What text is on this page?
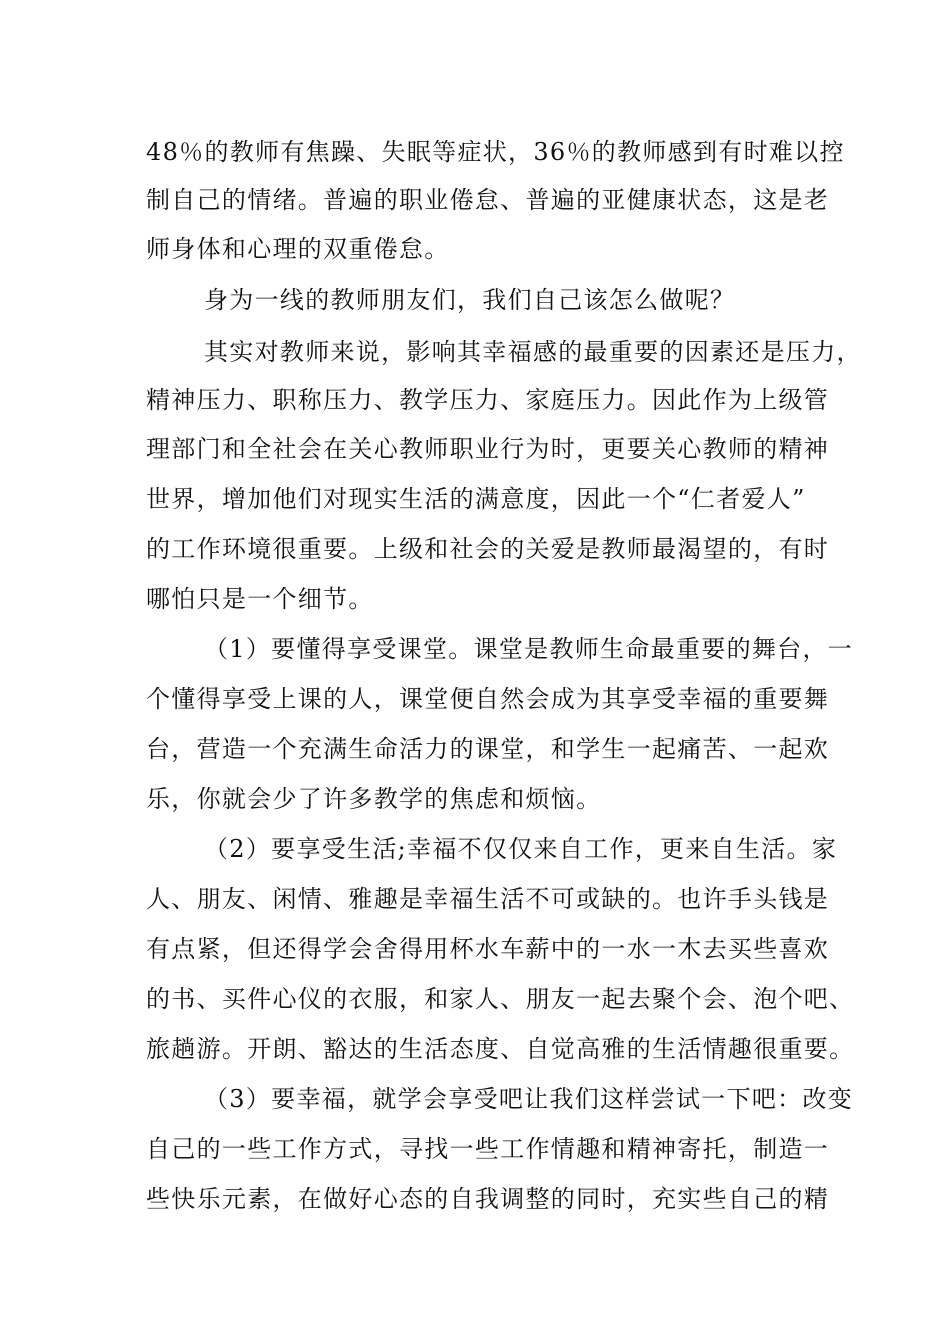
48％的教师有焦躁、失眠等症状，36％的教师感到有时难以控
制自己的情绪。普遍的职业倦怠、普遍的亚健康状态，这是老
师身体和心理的双重倦怠。
身为一线的教师朋友们，我们自己该怎么做呢？
其实对教师来说，影响其幸福感的最重要的因素还是压力，
精神压力、职称压力、教学压力、家庭压力。因此作为上级管
理部门和全社会在关心教师职业行为时，更要关心教师的精神
世界，增加他们对现实生活的满意度，因此一个“仁者爱人”
的工作环境很重要。上级和社会的关爱是教师最渴望的，有时
哪怕只是一个细节。
（1）要懂得享受课堂。课堂是教师生命最重要的舞台，一
个懂得享受上课的人，课堂便自然会成为其享受幸福的重要舞
台，营造一个充满生命活力的课堂，和学生一起痛苦、一起欢
乐，你就会少了许多教学的焦虑和烦恼。
（2）要享受生活;幸福不仅仅来自工作，更来自生活。家
人、朋友、闲情、雅趣是幸福生活不可或缺的。也许手头钱是
有点紧，但还得学会舍得用杯水车薪中的一水一木去买些喜欢
的书、买件心仪的衣服，和家人、朋友一起去聚个会、泡个吧、
旅趟游。开朗、豁达的生活态度、自觉高雅的生活情趣很重要。
（3）要幸福，就学会享受吧让我们这样尝试一下吧：改变
自己的一些工作方式，寻找一些工作情趣和精神寄托，制造一
些快乐元素，在做好心态的自我调整的同时，充实些自己的精
